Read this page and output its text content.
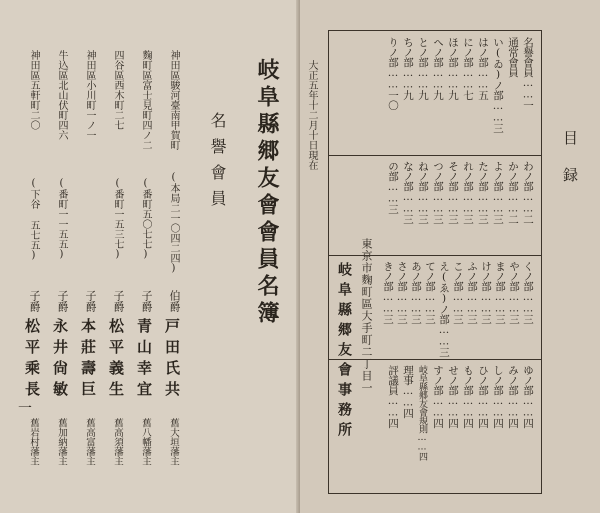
岐阜縣郷友會會員名簿
名譽會員
神田區駿河臺南甲賀町
(本局二一〇四二四)
伯爵
戸田氏共
舊大垣藩主
麴町區富士見町四ノ二
(番町五〇七七)
子爵
青山幸宜
舊八幡藩主
四谷區西木町二七
(番町一五三七)
子爵
松平義生
舊高須藩主
神田區小川町一ノ一
子爵
本莊壽巨
舊高富藩主
牛込區北山伏町四六
(番町一一五五)
子爵
永井尙敏
舊加納藩主
神田區五軒町二〇
(下谷 五七五)
子爵
松平乘長
舊岩村藩主
一
目録
大正五年十二月十日現在
東京市麴町區大手町二丁目一
岐阜縣郷友會事務所
名譽會員……一
通常會員
い(ゐ)ノ部……三
はノ部……五
にノ部……七
ほノ部……九
へノ部……九
とノ部……九
ちノ部……九
りノ部……一〇
わノ部……二
かノ部……二
よノ部……三
たノ部……三
れノ部……三
そノ部……三
つノ部……三
ねノ部……三
なノ部……三
の部……三
くノ部……三
やノ部……三
まノ部……三
けノ部……三
ふノ部……三
こノ部……三
え(ゑ)ノ部……三
てノ部……三
あノ部……三
さノ部……三
きノ部……三
ゆノ部……四
みノ部……四
しノ部……四
ひノ部……四
もノ部……四
せノ部……四
すノ部……四
岐阜縣郷友會規則……四
理事……四
評議員……四
